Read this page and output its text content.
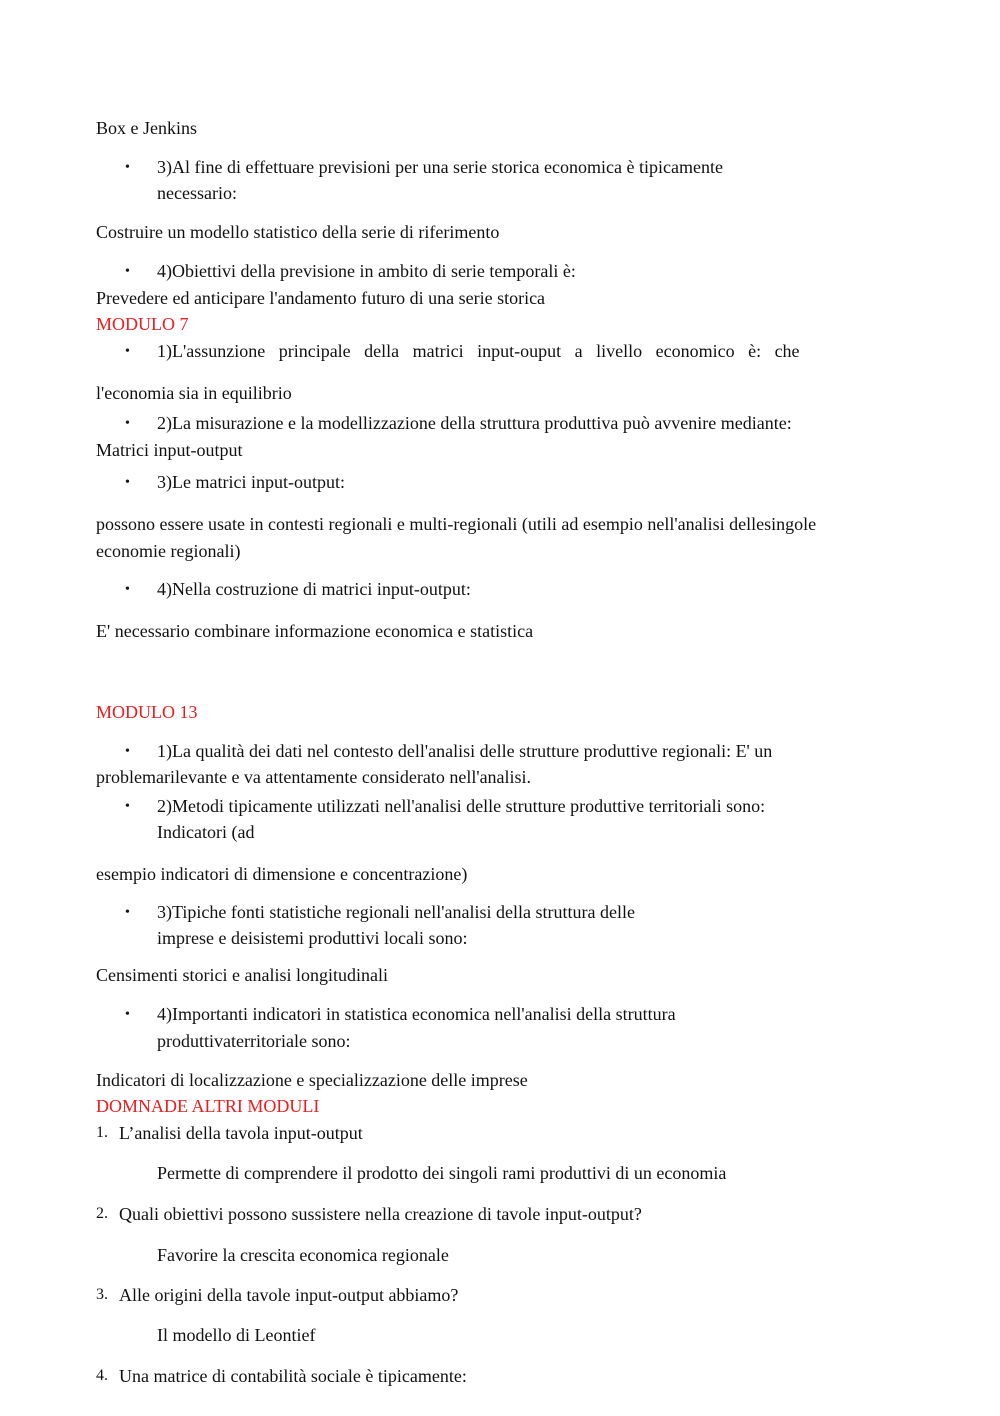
Box e Jenkins
• 3)Al fine di effettuare previsioni per una serie storica economica è tipicamente
necessario:
Costruire un modello statistico della serie di riferimento
• 4)Obiettivi della previsione in ambito di serie temporali è:
Prevedere ed anticipare l'andamento futuro di una serie storica
MODULO 7
• 1)L'assunzione principale della matrici input-ouput a livello economico è: che
l'economia sia in equilibrio
• 2)La misurazione e la modellizzazione della struttura produttiva può avvenire mediante:
Matrici input-output
• 3)Le matrici input-output:
possono essere usate in contesti regionali e multi-regionali (utili ad esempio nell'analisi dellesingole
economie regionali)
• 4)Nella costruzione di matrici input-output:
E' necessario combinare informazione economica e statistica
MODULO 13
• 1)La qualità dei dati nel contesto dell'analisi delle strutture produttive regionali: E' un
problemarilevante e va attentamente considerato nell'analisi.
• 2)Metodi tipicamente utilizzati nell'analisi delle strutture produttive territoriali sono:
Indicatori (ad
esempio indicatori di dimensione e concentrazione)
• 3)Tipiche fonti statistiche regionali nell'analisi della struttura delle
imprese e deisistemi produttivi locali sono:
Censimenti storici e analisi longitudinali
• 4)Importanti indicatori in statistica economica nell'analisi della struttura
produttivaterritoriale sono:
Indicatori di localizzazione e specializzazione delle imprese
DOMNADE ALTRI MODULI
1. L’analisi della tavola input-output
Permette di comprendere il prodotto dei singoli rami produttivi di un economia
2. Quali obiettivi possono sussistere nella creazione di tavole input-output?
Favorire la crescita economica regionale
3. Alle origini della tavole input-output abbiamo?
Il modello di Leontief
4. Una matrice di contabilità sociale è tipicamente:
